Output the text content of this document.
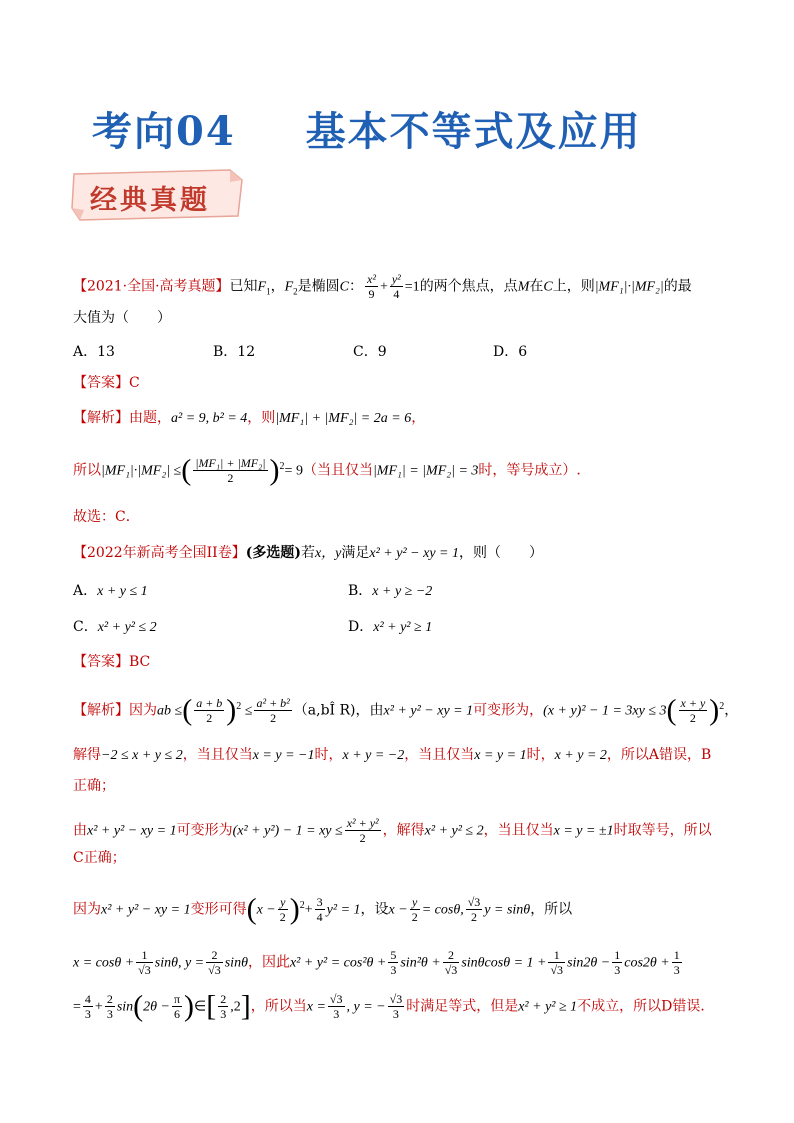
考向04 基本不等式及应用
经典真题
【2021·全国·高考真题】已知$F_1$，$F_2$是椭圆C： $\frac{\text{x²}}{9} + \frac{\text{y²}}{4} =1$的两个焦点，点M在C上，则|MF₁|·|MF₂|的最
大值为（　　）
A．13	B．12	C．9	D．6
【答案】C
【解析】由题，a² = 9, b² = 4，则|MF₁| + |MF₂| = 2a = 6，
所以|MF₁|·|MF₂| ≤( $\frac{\text{|MF₁| + |MF₂|}}{2} )^2= 9$（当且仅当|MF₁| = |MF₂| = 3时，等号成立）.
故选：C．
【2022年新高考全国II卷】(多选题)若x，y满足x² + y² − xy = 1，则（　　）
A．x + y ≤ 1	B．x + y ≥ −2
C．x² + y² ≤ 2	D．x² + y² ≥ 1
【答案】BC
【解析】因为ab ≤( $\frac{a + b}{2} )^2 \le \frac{\text{a² + b²}}{2}$ （a,bÎ R)，由x² + y² − xy = 1可变形为，$(x + y)^2 - 1 = 3xy \le 3( \frac{x + y}{2} )^2$，
解得−2 ≤ x + y ≤ 2，当且仅当x = y = −1时，x + y = −2，当且仅当x = y = 1时，x + y = 2，所以A错误，B
正确；
由x² + y² − xy = 1可变形为(x² + y²) − 1 = xy ≤ $\frac{\text{x² + y²}}{2}$ ，解得x² + y² ≤ 2，当且仅当x = y = ±1时取等号，所以
C正确；
因为x² + y² − xy = 1变形可得$(x - \frac{y}{2} )^2+ \frac{3}{4} y^2 = 1$，设$x - \frac{y}{2} = \cos\theta$, $\frac{√3}{2}$ y = sinθ，所以
$x = \cos\theta + \frac{1}{√3} \sin\theta$, $y = \frac{2}{√3}$ sinθ，因此$x^2 + y^2 = \cos^2\theta + \frac{5}{3} \sin^2\theta + \frac{2}{√3}$ $\sin\theta\cos\theta = 1 + \frac{1}{√3} \sin 2\theta - \frac{1}{3} \cos 2\theta + \frac{1}{3}$
= $\frac{4}{3} + \frac{2}{3} \sin(2\theta - \frac{\pi}{6}$ )∈[ $\frac{2}{3} ,2$]，所以当$x = \frac{√3}{3}$ , y = − $\frac{√3}{3}$ 时满足等式，但是x² + y² ≥ 1不成立，所以D错误．
